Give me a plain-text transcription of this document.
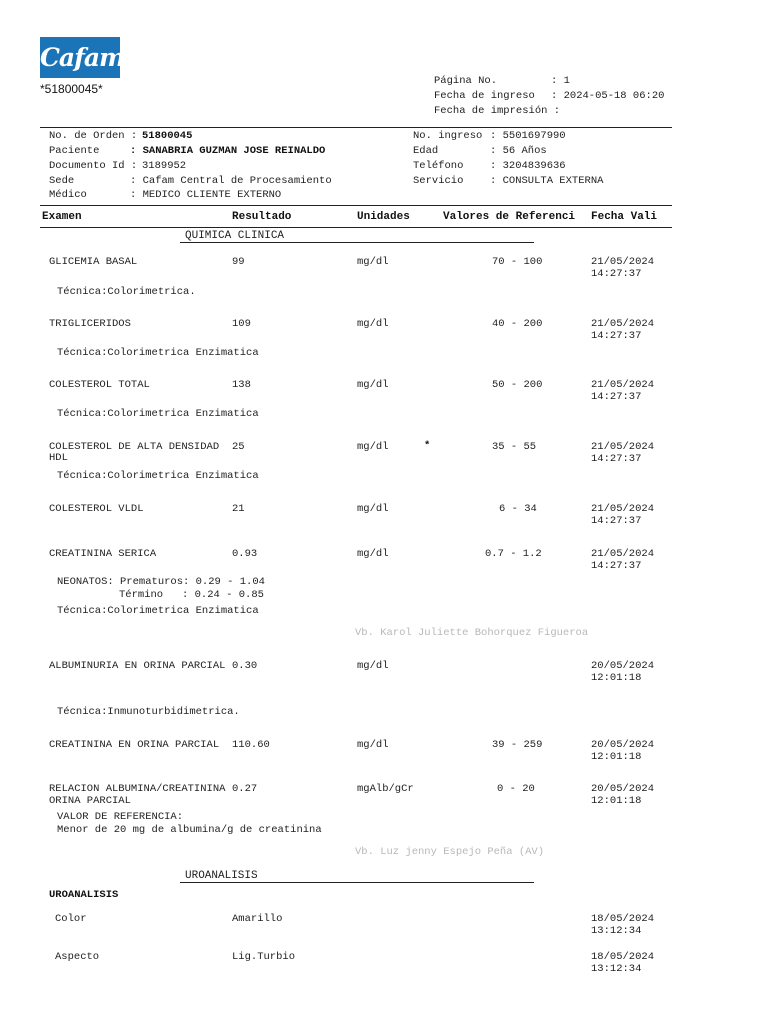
Cafam
*51800045*
Página No.	: 1
Fecha de ingreso : 2024-05-18 06:20
Fecha de impresión :
No. de Orden : 51800045
Paciente	: SANABRIA GUZMAN JOSE REINALDO
Documento Id : 3189952
Sede	: Cafam Central de Procesamiento
Médico	: MEDICO CLIENTE EXTERNO
No. ingreso : 5501697990
Edad	: 56 Años
Teléfono	: 3204839636
Servicio	: CONSULTA EXTERNA
Examen	Resultado	Unidades	Valores de Referenci Fecha Vali
QUIMICA CLINICA
GLICEMIA BASAL	99	mg/dl	70 - 100	21/05/2024
14:27:37
Técnica:Colorimetrica.
TRIGLICERIDOS	109	mg/dl	40 - 200	21/05/2024
14:27:37
Técnica:Colorimetrica Enzimatica
COLESTEROL TOTAL	138	mg/dl	50 - 200	21/05/2024
14:27:37
Técnica:Colorimetrica Enzimatica
COLESTEROL DE ALTA DENSIDAD
HDL
25	mg/dl	*	35 - 55	21/05/2024
14:27:37
Técnica:Colorimetrica Enzimatica
COLESTEROL VLDL	21	mg/dl	6 - 34	21/05/2024
14:27:37
CREATININA SERICA	0.93	mg/dl	0.7 - 1.2	21/05/2024
14:27:37
NEONATOS: Prematuros: 0.29 - 1.04
Término   : 0.24 - 0.85
Técnica:Colorimetrica Enzimatica
Vb. Karol Juliette Bohorquez Figueroa
ALBUMINURIA EN ORINA PARCIAL 0.30	mg/dl	20/05/2024
12:01:18
Técnica:Inmunoturbidimetrica.
CREATININA EN ORINA PARCIAL 110.60	mg/dl	39 - 259	20/05/2024
12:01:18
RELACION ALBUMINA/CREATININA
ORINA PARCIAL
0.27	mgAlb/gCr	0 - 20	20/05/2024
12:01:18
VALOR DE REFERENCIA:
Menor de 20 mg de albumina/g de creatinina
Vb. Luz jenny Espejo Peña (AV)
UROANALISIS
UROANALISIS
Color	Amarillo	18/05/2024
13:12:34
Aspecto	Lig.Turbio	18/05/2024
13:12:34
